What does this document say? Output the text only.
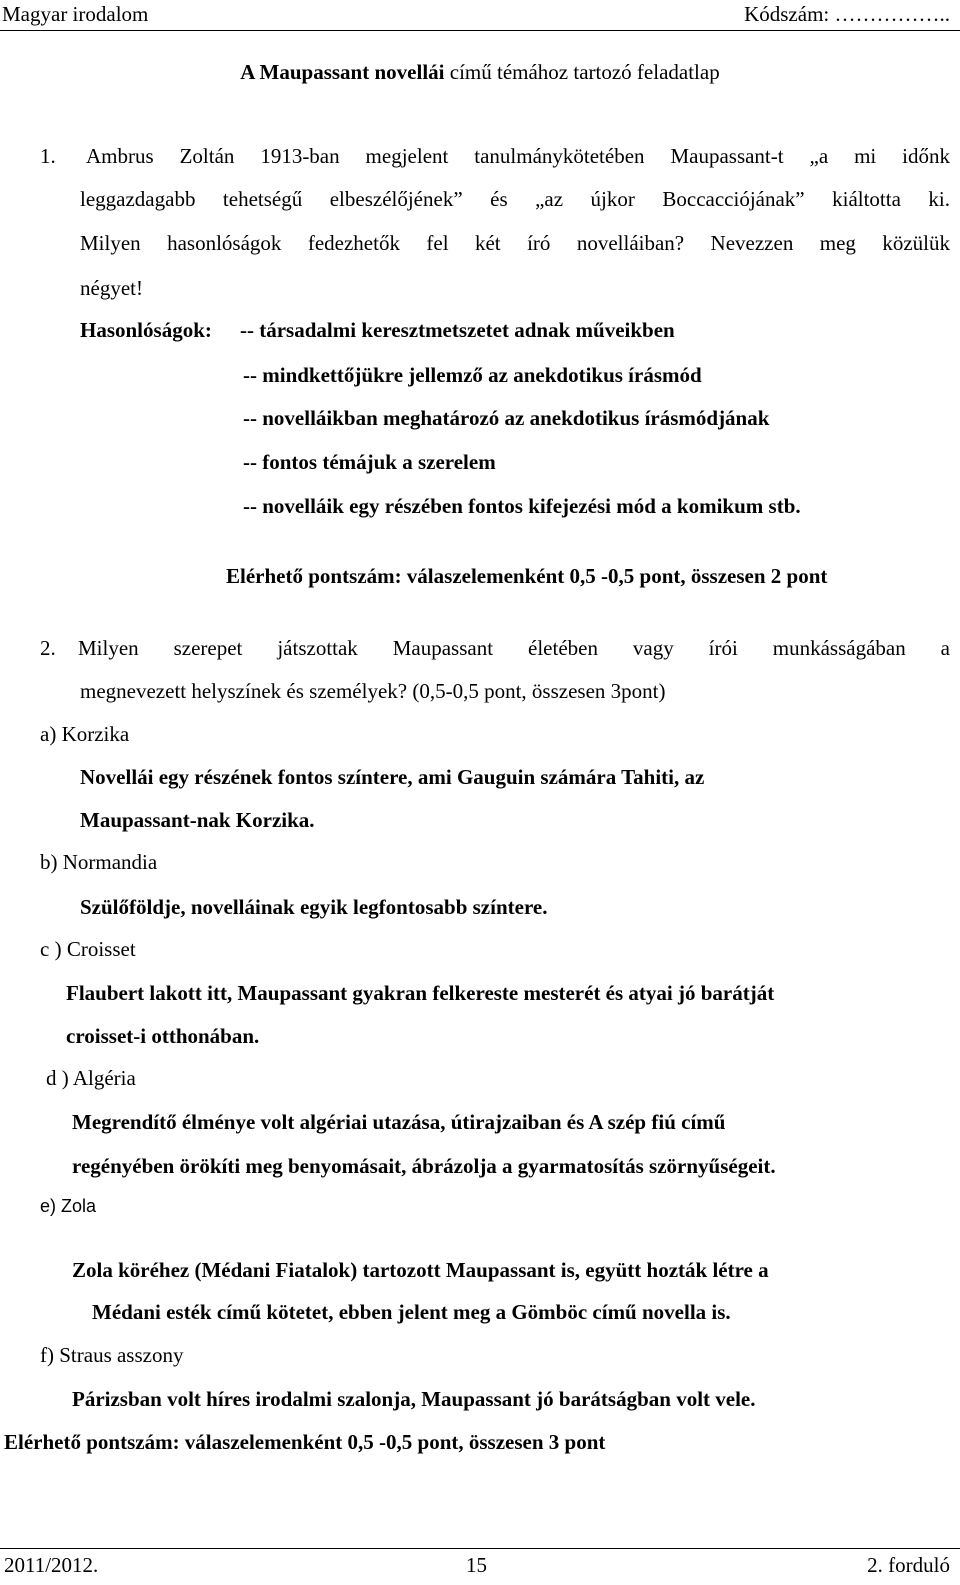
Magyar irodalom	Kódszám: ……………..
A Maupassant novellái című témához tartozó feladatlap
1. Ambrus Zoltán 1913-ban megjelent tanulmánykötetében Maupassant-t „a mi időnk
leggazdagabb tehetségű elbeszélőjének” és „az újkor Boccacciójának” kiáltotta ki.
Milyen hasonlóságok fedezhetők fel két író novelláiban? Nevezzen meg közülük
négyet!
Hasonlóságok: -- társadalmi keresztmetszetet adnak műveikben
-- mindkettőjükre jellemző az anekdotikus írásmód
-- novelláikban meghatározó az anekdotikus írásmódjának
-- fontos témájuk a szerelem
-- novelláik egy részében fontos kifejezési mód a komikum stb.
Elérhető pontszám: válaszelemenként 0,5 -0,5 pont, összesen 2 pont
2. Milyen szerepet játszottak Maupassant életében vagy írói munkásságában a
megnevezett helyszínek és személyek? (0,5-0,5 pont, összesen 3pont)
a) Korzika
Novellái egy részének fontos színtere, ami Gauguin számára Tahiti, az
Maupassant-nak Korzika.
b) Normandia
Szülőföldje, novelláinak egyik legfontosabb színtere.
c ) Croisset
Flaubert lakott itt, Maupassant gyakran felkereste mesterét és atyai jó barátját
croisset-i otthonában.
d ) Algéria
Megrendítő élménye volt algériai utazása, útirajzaiban és A szép fiú című
regényében örökíti meg benyomásait, ábrázolja a gyarmatosítás szörnyűségeit.
e) Zola
Zola köréhez (Médani Fiatalok) tartozott Maupassant is, együtt hozták létre a
Médani esték című kötetet, ebben jelent meg a Gömböc című novella is.
f) Straus asszony
Párizsban volt híres irodalmi szalonja, Maupassant jó barátságban volt vele.
Elérhető pontszám: válaszelemenként 0,5 -0,5 pont, összesen 3 pont
2011/2012.	15	2. forduló
